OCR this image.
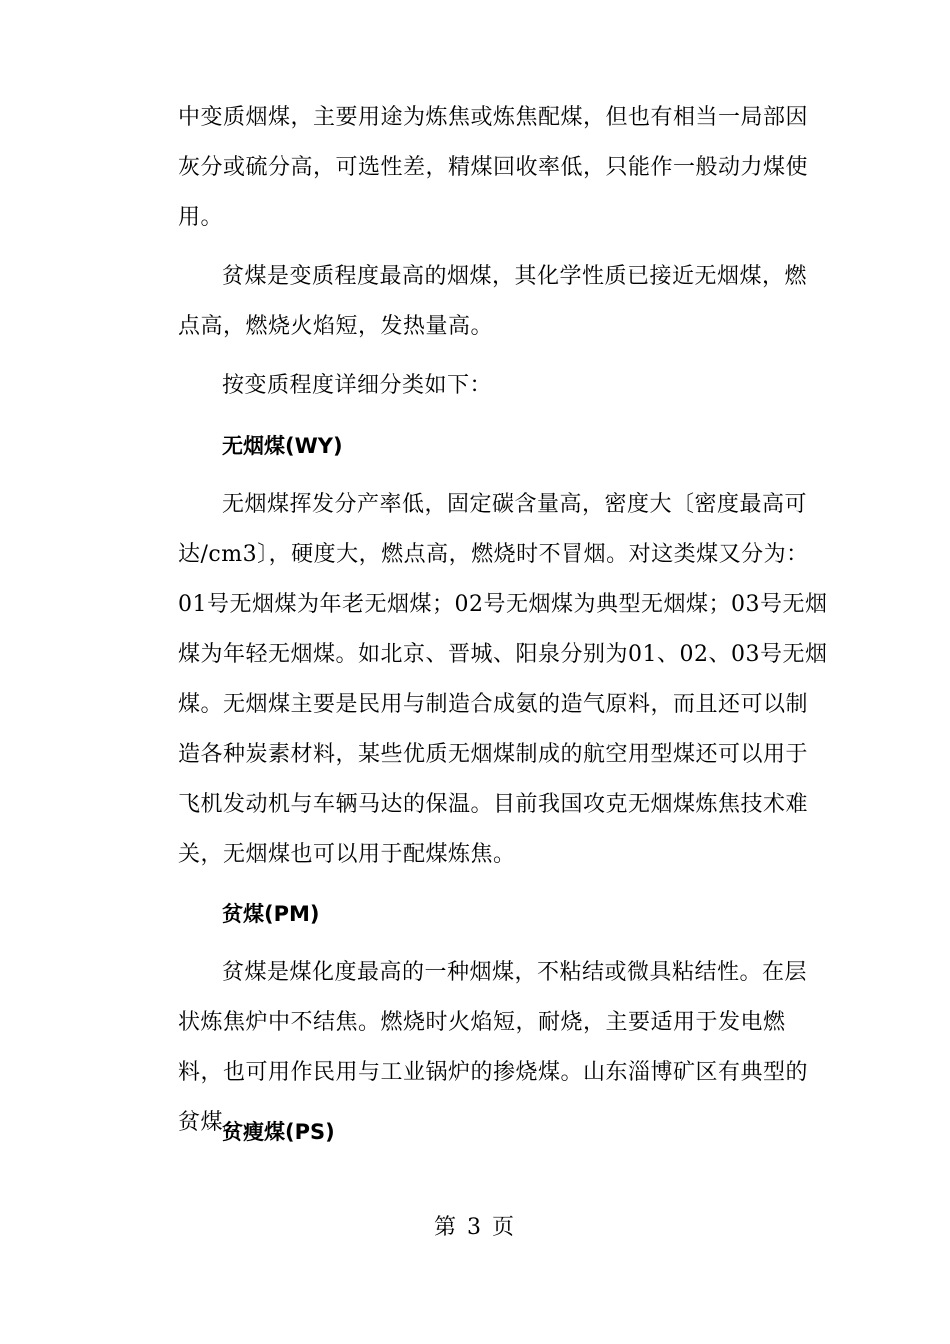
中变质烟煤，主要用途为炼焦或炼焦配煤，但也有相当一局部因灰分或硫分高，可选性差，精煤回收率低，只能作一般动力煤使用。

贫煤是变质程度最高的烟煤，其化学性质已接近无烟煤，燃点高，燃烧火焰短，发热量高。

按变质程度详细分类如下：

无烟煤(WY)

无烟煤挥发分产率低，固定碳含量高，密度大〔密度最高可达/cm3〕，硬度大，燃点高，燃烧时不冒烟。对这类煤又分为：01号无烟煤为年老无烟煤；02号无烟煤为典型无烟煤；03号无烟煤为年轻无烟煤。如北京、晋城、阳泉分别为01、02、03号无烟煤。无烟煤主要是民用与制造合成氨的造气原料，而且还可以制造各种炭素材料，某些优质无烟煤制成的航空用型煤还可以用于飞机发动机与车辆马达的保温。目前我国攻克无烟煤炼焦技术难关，无烟煤也可以用于配煤炼焦。

贫煤(PM)

贫煤是煤化度最高的一种烟煤，不粘结或微具粘结性。在层状炼焦炉中不结焦。燃烧时火焰短，耐烧，主要适用于发电燃料，也可用作民用与工业锅炉的掺烧煤。山东淄博矿区有典型的贫煤。

贫瘦煤(PS)
第 3 页
